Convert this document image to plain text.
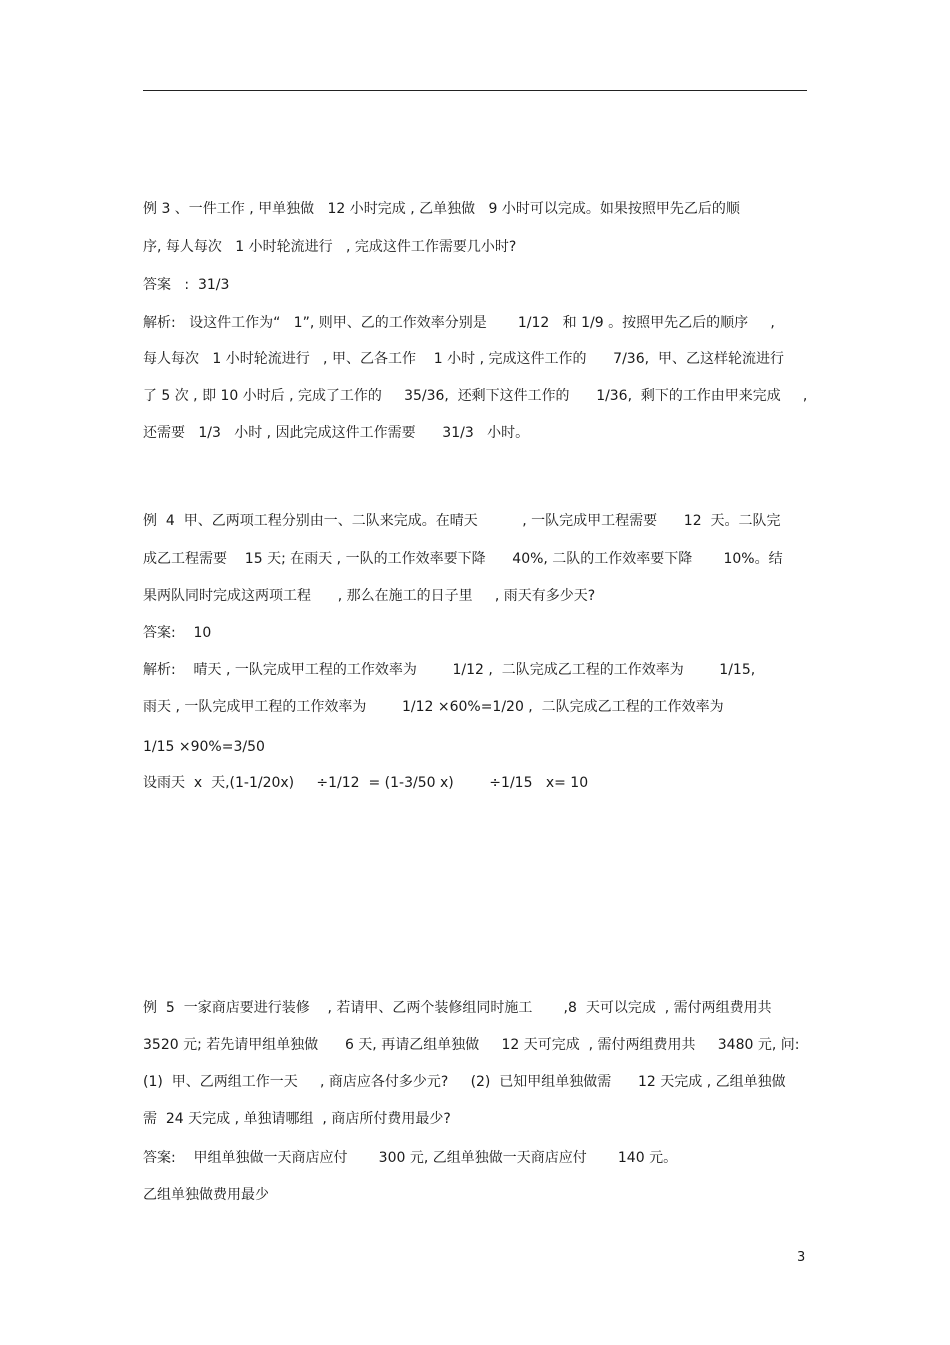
例 3 、一件工作 , 甲单独做   12 小时完成 , 乙单独做   9 小时可以完成。如果按照甲先乙后的顺
序, 每人每次   1 小时轮流进行   , 完成这件工作需要几小时?
答案   :  31/3
解析:   设这件工作为“   1”, 则甲、乙的工作效率分别是       1/12   和 1/9 。按照甲先乙后的顺序     ,
每人每次   1 小时轮流进行   , 甲、乙各工作    1 小时 , 完成这件工作的      7/36,  甲、乙这样轮流进行
了 5 次 , 即 10 小时后 , 完成了工作的     35/36,  还剩下这件工作的      1/36,  剩下的工作由甲来完成     ,
还需要   1/3   小时 , 因此完成这件工作需要      31/3   小时。
例  4  甲、乙两项工程分别由一、二队来完成。在晴天          , 一队完成甲工程需要      12  天。二队完
成乙工程需要    15 天; 在雨天 , 一队的工作效率要下降      40%, 二队的工作效率要下降       10%。结
果两队同时完成这两项工程      , 那么在施工的日子里     , 雨天有多少天?
答案:    10
解析:    晴天 , 一队完成甲工程的工作效率为        1/12 ,  二队完成乙工程的工作效率为        1/15,
雨天 , 一队完成甲工程的工作效率为        1/12 ×60%=1/20 ,  二队完成乙工程的工作效率为
1/15 ×90%=3/50
设雨天  x  天,(1-1/20x)     ÷1/12  = (1-3/50 x)        ÷1/15   x= 10
例  5  一家商店要进行装修    , 若请甲、乙两个装修组同时施工       ,8  天可以完成  , 需付两组费用共
3520 元; 若先请甲组单独做      6 天, 再请乙组单独做     12 天可完成  , 需付两组费用共     3480 元, 问:
(1)  甲、乙两组工作一天     , 商店应各付多少元?     (2)  已知甲组单独做需      12 天完成 , 乙组单独做
需  24 天完成 , 单独请哪组  , 商店所付费用最少?
答案:    甲组单独做一天商店应付       300 元, 乙组单独做一天商店应付       140 元。
乙组单独做费用最少
3
